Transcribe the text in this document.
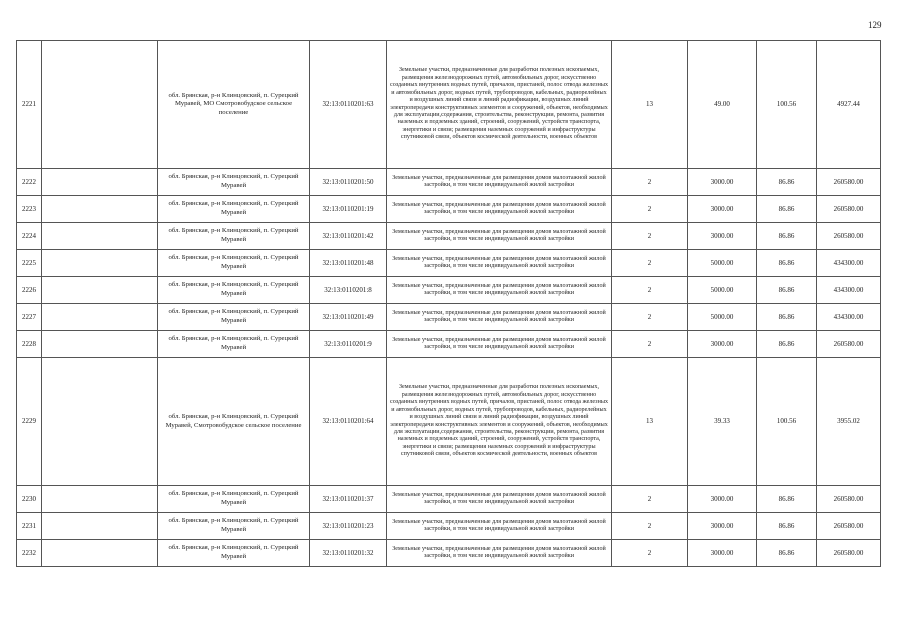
129
2221		обл. Брянская, р-н Клинцовский, п. Сурецкий Муравей, МО Смотровобудское сельское поселение	32:13:0110201:63	Земельные участки, предназначенные для разработки полезных ископаемых, размещения железнодорожных путей, автомобильных дорог, искусственно созданных внутренних водных путей, причалов, пристаней, полос отвода железных и автомобильных дорог, водных путей, трубопроводов, кабельных, радиорелейных и воздушных линий связи и линий радиофикации, воздушных линий электропередачи конструктивных элементов и сооружений, объектов, необходимых для эксплуатации,содержания, строительства, реконструкции, ремонта, развития наземных и подземных зданий, строений, сооружений, устройств транспорта, энергетики и связи; размещения наземных сооружений и инфраструктуры спутниковой связи, объектов космической деятельности, военных объектов	13	49.00	100.56	4927.44
2222		обл. Брянская, р-н Клинцовский, п. Сурецкий Муравей	32:13:0110201:50	Земельные участки, предназначенные для размещения домов малоэтажной жилой застройки, в том числе индивидуальной жилой застройки	2	3000.00	86.86	260580.00
2223		обл. Брянская, р-н Клинцовский, п. Сурецкий Муравей	32:13:0110201:19	Земельные участки, предназначенные для размещения домов малоэтажной жилой застройки, в том числе индивидуальной жилой застройки	2	3000.00	86.86	260580.00
2224		обл. Брянская, р-н Клинцовский, п. Сурецкий Муравей	32:13:0110201:42	Земельные участки, предназначенные для размещения домов малоэтажной жилой застройки, в том числе индивидуальной жилой застройки	2	3000.00	86.86	260580.00
2225		обл. Брянская, р-н Клинцовский, п. Сурецкий Муравей	32:13:0110201:48	Земельные участки, предназначенные для размещения домов малоэтажной жилой застройки, в том числе индивидуальной жилой застройки	2	5000.00	86.86	434300.00
2226		обл. Брянская, р-н Клинцовский, п. Сурецкий Муравей	32:13:0110201:8	Земельные участки, предназначенные для размещения домов малоэтажной жилой застройки, в том числе индивидуальной жилой застройки	2	5000.00	86.86	434300.00
2227		обл. Брянская, р-н Клинцовский, п. Сурецкий Муравей	32:13:0110201:49	Земельные участки, предназначенные для размещения домов малоэтажной жилой застройки, в том числе индивидуальной жилой застройки	2	5000.00	86.86	434300.00
2228		обл. Брянская, р-н Клинцовский, п. Сурецкий Муравей	32:13:0110201:9	Земельные участки, предназначенные для размещения домов малоэтажной жилой застройки, в том числе индивидуальной жилой застройки	2	3000.00	86.86	260580.00
2229		обл. Брянская, р-н Клинцовский, п. Сурецкий Муравей, Смотровобудское сельское поселение	32:13:0110201:64	Земельные участки, предназначенные для разработки полезных ископаемых, размещения железнодорожных путей, автомобильных дорог, искусственно созданных внутренних водных путей, причалов, пристаней, полос отвода железных и автомобильных дорог, водных путей, трубопроводов, кабельных, радиорелейных и воздушных линий связи и линий радиофикации, воздушных линий электропередачи конструктивных элементов и сооружений, объектов, необходимых для эксплуатации,содержания, строительства, реконструкции, ремонта, развития наземных и подземных зданий, строений, сооружений, устройств транспорта, энергетики и связи; размещения наземных сооружений и инфраструктуры спутниковой связи, объектов космической деятельности, военных объектов	13	39.33	100.56	3955.02
2230		обл. Брянская, р-н Клинцовский, п. Сурецкий Муравей	32:13:0110201:37	Земельные участки, предназначенные для размещения домов малоэтажной жилой застройки, в том числе индивидуальной жилой застройки	2	3000.00	86.86	260580.00
2231		обл. Брянская, р-н Клинцовский, п. Сурецкий Муравей	32:13:0110201:23	Земельные участки, предназначенные для размещения домов малоэтажной жилой застройки, в том числе индивидуальной жилой застройки	2	3000.00	86.86	260580.00
2232		обл. Брянская, р-н Клинцовский, п. Сурецкий Муравей	32:13:0110201:32	Земельные участки, предназначенные для размещения домов малоэтажной жилой застройки, в том числе индивидуальной жилой застройки	2	3000.00	86.86	260580.00
